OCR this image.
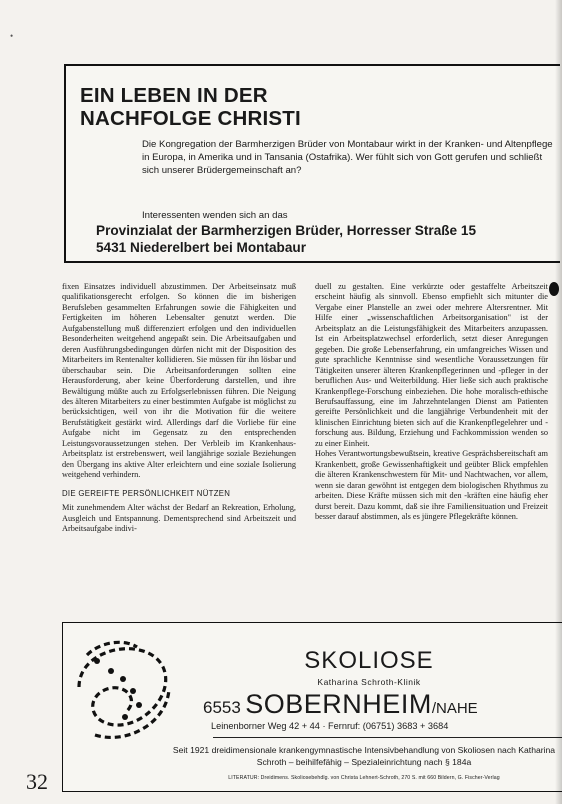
•
EIN LEBEN IN DER
NACHFOLGE CHRISTI
Die Kongregation der Barmherzigen Brüder von Montabaur wirkt in der Kranken- und Altenpflege in Europa, in Amerika und in Tansania (Ostafrika). Wer fühlt sich von Gott gerufen und schließt sich unserer Brüdergemeinschaft an?
Interessenten wenden sich an das
Provinzialat der Barmherzigen Brüder, Horresser Straße 15
5431 Niederelbert bei Montabaur

fixen Einsatzes individuell abzustimmen. Der Arbeitseinsatz muß qualifikationsgerecht erfolgen. So können die im bisherigen Berufsleben gesammelten Erfahrungen sowie die Fähigkeiten und Fertigkeiten im höheren Lebensalter genutzt werden. Die Aufgabenstellung muß differenziert erfolgen und den individuellen Besonderheiten weitgehend angepaßt sein. Die Arbeitsaufgaben und deren Ausführungsbedingungen dürfen nicht mit der Disposition des Mitarbeiters im Rentenalter kollidieren. Sie müssen für ihn lösbar und überschaubar sein. Die Arbeitsanforderungen sollten eine Herausforderung, aber keine Überforderung darstellen, und ihre Bewältigung müßte auch zu Erfolgserlebnissen führen. Die Neigung des älteren Mitarbeiters zu einer bestimmten Aufgabe ist möglichst zu berücksichtigen, weil von ihr die Motivation für die weitere Berufstätigkeit gestärkt wird. Allerdings darf die Vorliebe für eine Aufgabe nicht im Gegensatz zu den entsprechenden Leistungsvoraussetzungen stehen. Der Verbleib im Krankenhaus-Arbeitsplatz ist erstrebenswert, weil langjährige soziale Beziehungen den Übergang ins aktive Alter erleichtern und eine soziale Isolierung weitgehend verhindern.

DIE GEREIFTE PERSÖNLICHKEIT NÜTZEN

Mit zunehmendem Alter wächst der Bedarf an Rekreation, Erholung, Ausgleich und Entspannung. Dementsprechend sind Arbeitszeit und Arbeitsaufgabe indivi-

duell zu gestalten. Eine verkürzte oder gestaffelte Arbeitszeit erscheint häufig als sinnvoll. Ebenso empfiehlt sich mitunter die Vergabe einer Planstelle an zwei oder mehrere Altersrentner. Mit Hilfe einer „wissenschaftlichen Arbeitsorganisation" ist der Arbeitsplatz an die Leistungsfähigkeit des Mitarbeiters anzupassen. Ist ein Arbeitsplatzwechsel erforderlich, setzt dieser Anregungen gegeben. Die große Lebenserfahrung, ein umfangreiches Wissen und gute sprachliche Kenntnisse sind wesentliche Voraussetzungen für Tätigkeiten unserer älteren Krankenpflegerinnen und -pfleger in der beruflichen Aus- und Weiterbildung. Hier ließe sich auch praktische Krankenpflege-Forschung einbeziehen. Die hohe moralisch-ethische Berufsauffassung, eine im Jahrzehntelangen Dienst am Patienten gereifte Persönlichkeit und die langjährige Verbundenheit mit der klinischen Einrichtung bieten sich auf die Krankenpflegelehrer und -forschung aus. Bildung, Erziehung und Fachkommission wenden so zu einer Einheit.

Hohes Verantwortungsbewußtsein, kreative Gesprächsbereitschaft am Krankenbett, große Gewissenhaftigkeit und geübter Blick empfehlen die älteren Krankenschwestern für Mit- und Nachtwachen, vor allem, wenn sie daran gewöhnt ist entgegen dem biologischen Rhythmus zu arbeiten. Diese Kräfte müssen sich mit den -kräften eine häufig eher durst bereit. Dazu kommt, daß sie ihre Familiensituation und Freizeit besser darauf abstimmen, als es jüngere Pflegekräfte können.

SKOLIOSE
Katharina Schroth-Klinik
6553 SOBERNHEIM/NAHE
Leinenborner Weg 42 + 44 · Fernruf: (06751) 3683 + 3684
Seit 1921 dreidimensionale krankengymnastische Intensivbehandlung von Skoliosen nach Katharina Schroth – beihilfefähig – Spezialeinrichtung nach § 184a
LITERATUR: Dreidimens. Skoliosebehdlg. von Christa Lehnert-Schroth, 270 S. mit 660 Bildern, G. Fischer-Verlag
32
